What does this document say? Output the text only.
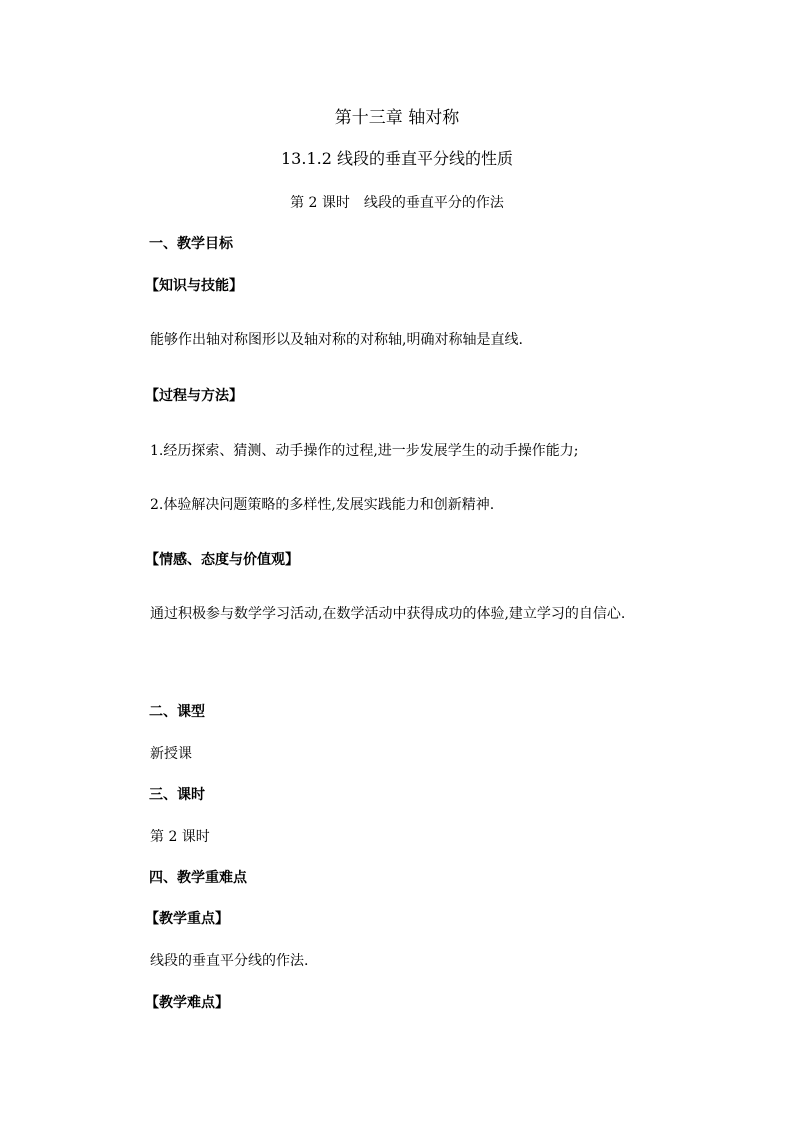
第十三章 轴对称
13.1.2 线段的垂直平分线的性质
第 2 课时　线段的垂直平分的作法
一、教学目标
【知识与技能】
能够作出轴对称图形以及轴对称的对称轴,明确对称轴是直线.
【过程与方法】
1.经历探索、猜测、动手操作的过程,进一步发展学生的动手操作能力;
2.体验解决问题策略的多样性,发展实践能力和创新精神.
【情感、态度与价值观】
通过积极参与数学学习活动,在数学活动中获得成功的体验,建立学习的自信心.
二、课型
新授课
三、课时
第 2 课时
四、教学重难点
【教学重点】
线段的垂直平分线的作法.
【教学难点】
